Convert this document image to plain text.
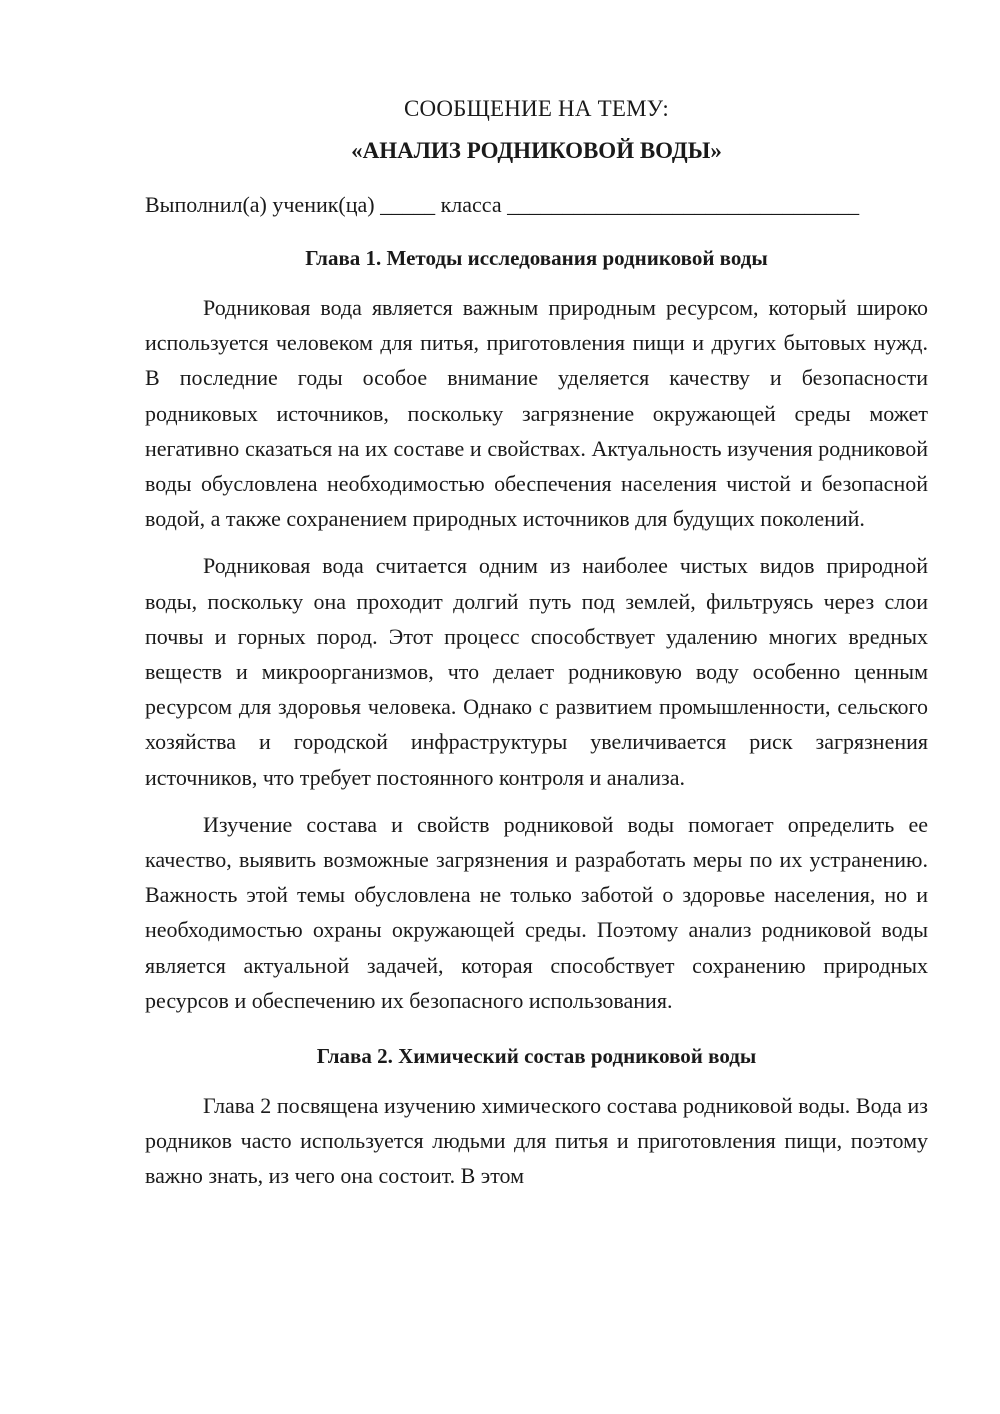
СООБЩЕНИЕ НА ТЕМУ:
«АНАЛИЗ РОДНИКОВОЙ ВОДЫ»
Выполнил(а) ученик(ца) _____ класса ________________________________
Глава 1. Методы исследования родниковой воды

Родниковая вода является важным природным ресурсом, который широко используется человеком для питья, приготовления пищи и других бытовых нужд. В последние годы особое внимание уделяется качеству и безопасности родниковых источников, поскольку загрязнение окружающей среды может негативно сказаться на их составе и свойствах. Актуальность изучения родниковой воды обусловлена необходимостью обеспечения населения чистой и безопасной водой, а также сохранением природных источников для будущих поколений.

Родниковая вода считается одним из наиболее чистых видов природной воды, поскольку она проходит долгий путь под землей, фильтруясь через слои почвы и горных пород. Этот процесс способствует удалению многих вредных веществ и микроорганизмов, что делает родниковую воду особенно ценным ресурсом для здоровья человека. Однако с развитием промышленности, сельского хозяйства и городской инфраструктуры увеличивается риск загрязнения источников, что требует постоянного контроля и анализа.

Изучение состава и свойств родниковой воды помогает определить ее качество, выявить возможные загрязнения и разработать меры по их устранению. Важность этой темы обусловлена не только заботой о здоровье населения, но и необходимостью охраны окружающей среды. Поэтому анализ родниковой воды является актуальной задачей, которая способствует сохранению природных ресурсов и обеспечению их безопасного использования.

Глава 2. Химический состав родниковой воды

Глава 2 посвящена изучению химического состава родниковой воды. Вода из родников часто используется людьми для питья и приготовления пищи, поэтому важно знать, из чего она состоит. В этом
